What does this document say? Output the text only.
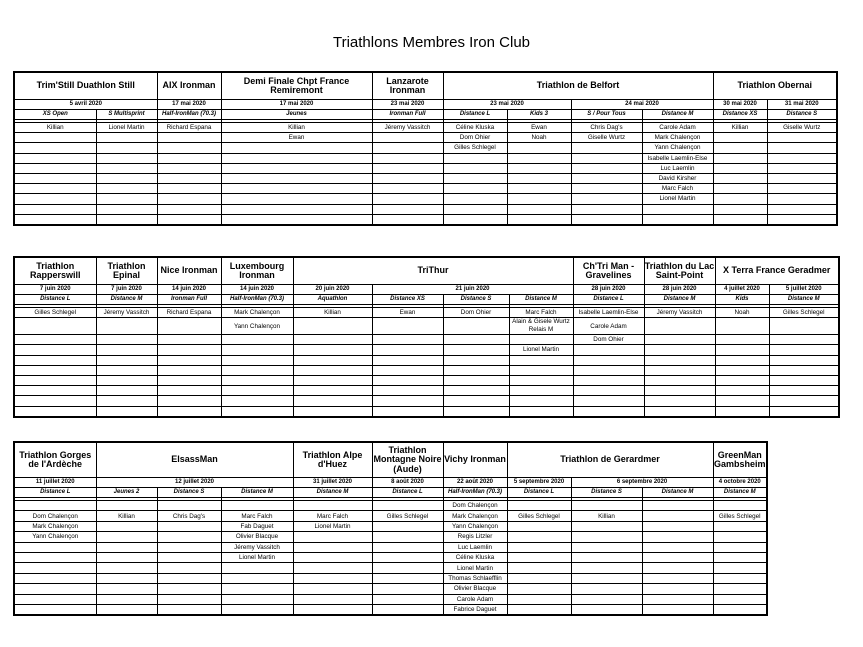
Triathlons Membres Iron Club
Trim'Still Duathlon Still		AIX Ironman	Demi Finale Chpt France Remiremont	Lanzarote Ironman	Triathlon de Belfort				Triathlon Obernai	
5 avril 2020		17 mai 2020	17 mai 2020	23 mai 2020	23 mai 2020		24 mai 2020		30 mai 2020	31 mai 2020
XS Open	S Multisprint	Half-IronMan (70.3)	Jeunes	Ironman Full	Distance L	Kids 3	S / Pour Tous	Distance M	Distance XS	Distance S

Killian	Lionel Martin	Richard Espana	Killian	Jéremy Vassitch	Céline Kluska	Ewan	Chris Dag's	Carole Adam	Killian	Giselle Wurtz
			Ewan		Dom Ohier	Noah	Giselle Wurtz	Mark Chalençon		
					Gilles Schlegel			Yann Chalençon		
								Isabelle Laemlin-Else		
								Luc Laemlin		
								David Kirsher		
								Marc Falch		
								Lionel Martin		

Triathlon Rapperswill	Triathlon Epinal	Nice Ironman	Luxembourg Ironman	TriThur				Ch'Tri Man - Gravelines	Triathlon du Lac Saint-Point	X Terra France Geradmer	
7 juin 2020	7 juin 2020	14 juin 2020	14 juin 2020	20 juin 2020	21 juin 2020			28 juin 2020	28 juin 2020	4 juillet 2020	5 juillet 2020
Distance L	Distance M	Ironman Full	Half-IronMan (70.3)	Aquathlon	Distance XS	Distance S	Distance M	Distance L	Distance M	Kids	Distance M

Gilles Schlegel	Jéremy Vassitch	Richard Espana	Mark Chalençon	Killian	Ewan	Dom Ohier	Marc Falch	Isabelle Laemlin-Else	Jéremy Vassitch	Noah	Gilles Schlegel
			Yann Chalençon				Alain & Gisele Wurtz Relais M	Carole Adam			
								Dom Ohier			
							Lionel Martin				

Triathlon Gorges de l'Ardèche	ElsassMan			Triathlon Alpe d'Huez	Triathlon Montagne Noire (Aude)	Vichy Ironman	Triathlon de Gerardmer			GreenMan Gambsheim
11 juillet 2020	12 juillet 2020			31 juillet 2020	8 août 2020	22 août 2020	5 septembre 2020	6 septembre 2020		4 octobre 2020
Distance L	Jeunes 2	Distance S	Distance M	Distance M	Distance L	Half-IronMan (70.3)	Distance L	Distance S	Distance M	Distance M

						Dom Chalençon				
Dom Chalençon	Killian	Chris Dag's	Marc Falch	Marc Falch	Gilles Schlegel	Mark Chalençon	Gilles Schlegel	Killian		Gilles Schlegel
Mark Chalençon			Fab Daguet	Lionel Martin		Yann Chalençon				
Yann Chalençon			Olivier Blacque			Regis Litzler				
			Jéremy Vassitch			Luc Laemlin				
			Lionel Martin			Céline Kluska				
						Lionel Martin				
						Thomas Schlaefflin				
						Olivier Blacque				
						Carole Adam				
						Fabrice Daguet				
